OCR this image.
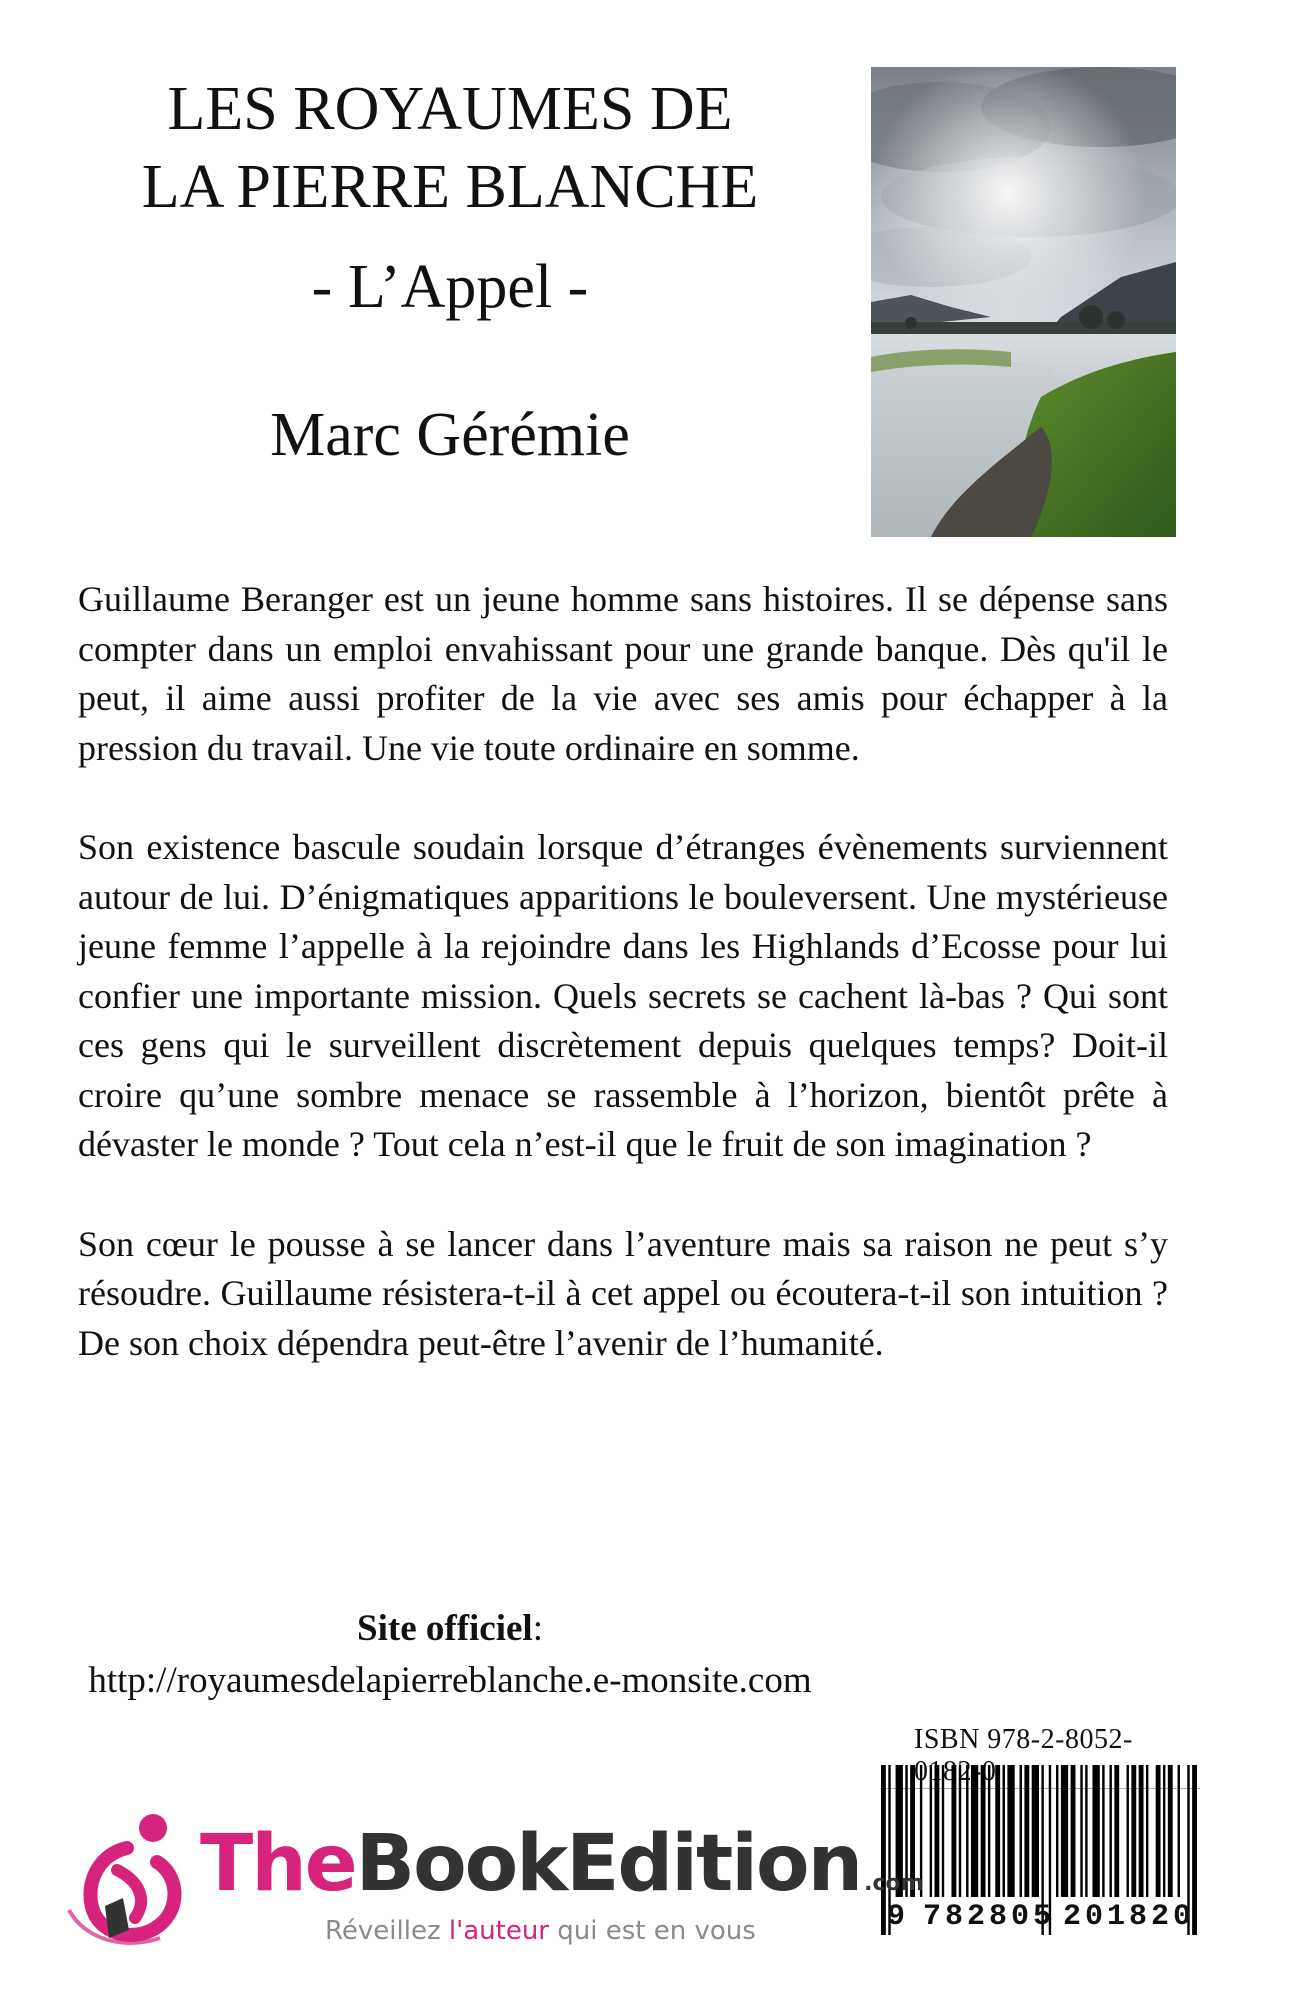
LES ROYAUMES DE
LA PIERRE BLANCHE
- L’Appel -
Marc Gérémie

Guillaume Beranger est un jeune homme sans histoires. Il se dépense sans compter dans un emploi envahissant pour une grande banque. Dès qu'il le peut, il aime aussi profiter de la vie avec ses amis pour échapper à la pression du travail. Une vie toute ordinaire en somme.

Son existence bascule soudain lorsque d’étranges évènements surviennent autour de lui. D’énigmatiques apparitions le bouleversent. Une mystérieuse jeune femme l’appelle à la rejoindre dans les Highlands d’Ecosse pour lui confier une importante mission. Quels secrets se cachent là-bas ? Qui sont ces gens qui le surveillent discrètement depuis quelques temps? Doit-il croire qu’une sombre menace se rassemble à l’horizon, bientôt prête à dévaster le monde ? Tout cela n’est-il que le fruit de son imagination ?

Son cœur le pousse à se lancer dans l’aventure mais sa raison ne peut s’y résoudre. Guillaume résistera-t-il à cet appel ou écoutera-t-il son intuition ? De son choix dépendra peut-être l’avenir de l’humanité.

Site officiel:
http://royaumesdelapierreblanche.e-monsite.com
ISBN 978-2-8052-0182-0
9 7 8 2 8 0 5 2 0 1 8 2 0
TheBookEdition .com
Réveillez l'auteur qui est en vous
